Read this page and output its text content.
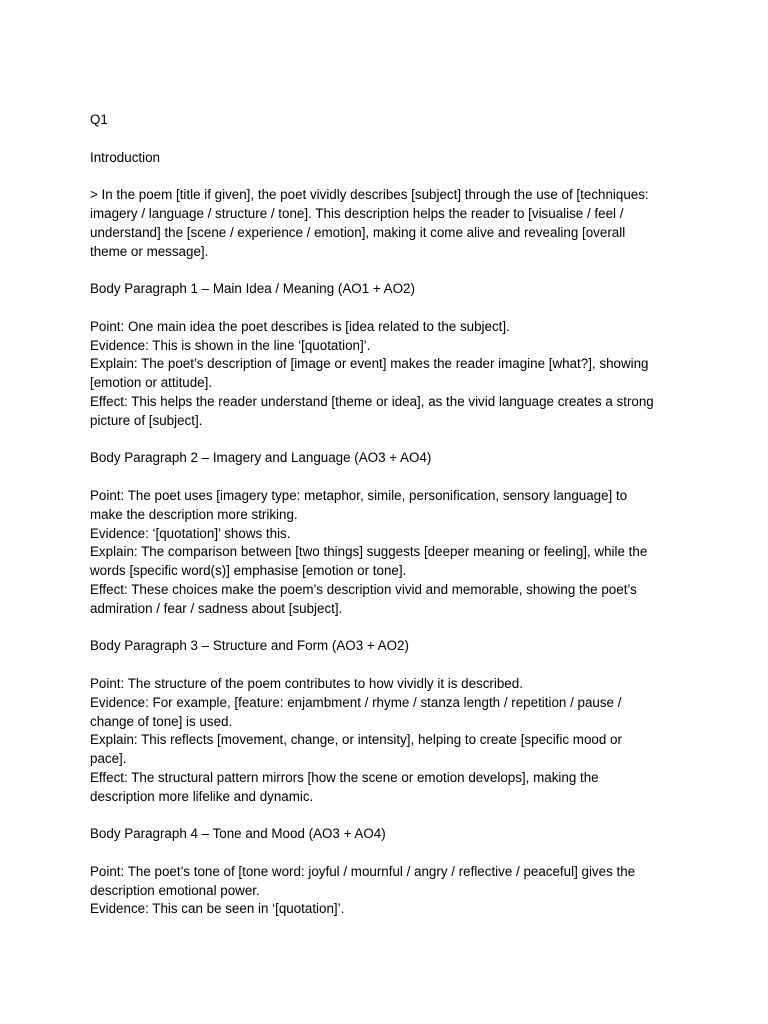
Q1
Introduction
> In the poem [title if given], the poet vividly describes [subject] through the use of [techniques:
imagery / language / structure / tone]. This description helps the reader to [visualise / feel /
understand] the [scene / experience / emotion], making it come alive and revealing [overall
theme or message].
Body Paragraph 1 – Main Idea / Meaning (AO1 + AO2)
Point: One main idea the poet describes is [idea related to the subject].
Evidence: This is shown in the line ‘[quotation]’.
Explain: The poet’s description of [image or event] makes the reader imagine [what?], showing
[emotion or attitude].
Effect: This helps the reader understand [theme or idea], as the vivid language creates a strong
picture of [subject].
Body Paragraph 2 – Imagery and Language (AO3 + AO4)
Point: The poet uses [imagery type: metaphor, simile, personification, sensory language] to
make the description more striking.
Evidence: ‘[quotation]’ shows this.
Explain: The comparison between [two things] suggests [deeper meaning or feeling], while the
words [specific word(s)] emphasise [emotion or tone].
Effect: These choices make the poem’s description vivid and memorable, showing the poet’s
admiration / fear / sadness about [subject].
Body Paragraph 3 – Structure and Form (AO3 + AO2)
Point: The structure of the poem contributes to how vividly it is described.
Evidence: For example, [feature: enjambment / rhyme / stanza length / repetition / pause /
change of tone] is used.
Explain: This reflects [movement, change, or intensity], helping to create [specific mood or
pace].
Effect: The structural pattern mirrors [how the scene or emotion develops], making the
description more lifelike and dynamic.
Body Paragraph 4 – Tone and Mood (AO3 + AO4)
Point: The poet’s tone of [tone word: joyful / mournful / angry / reflective / peaceful] gives the
description emotional power.
Evidence: This can be seen in ‘[quotation]’.
